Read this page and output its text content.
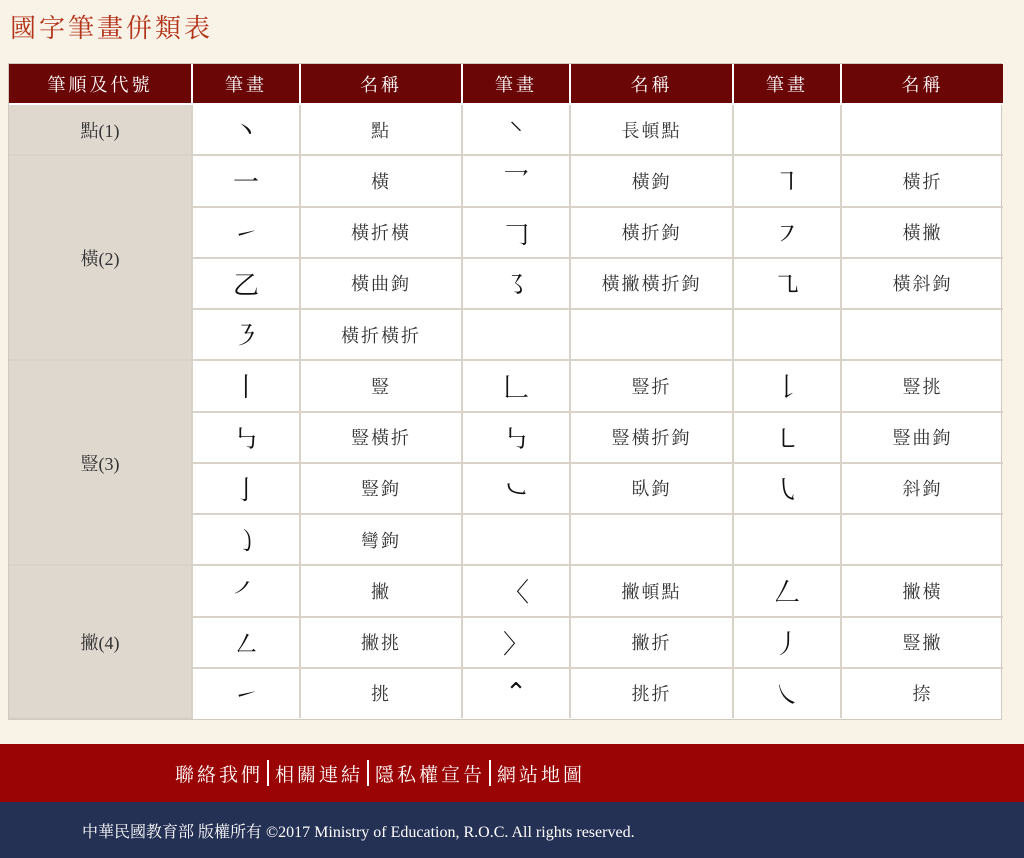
國字筆畫併類表
筆順及代號	筆畫	名稱	筆畫	名稱	筆畫	名稱
點(1)	丶	點	⸌	長頓點		
橫(2)	一	橫	乛	橫鉤	㇕	橫折
	㇀	橫折橫	𠃌	橫折鉤	㇇	橫撇
	乙	橫曲鉤	㇌	橫撇橫折鉤	㇈	橫斜鉤
	㇋	橫折橫折				
豎(3)	丨	豎	𠃊	豎折	𠄌	豎挑
	㇉	豎橫折	㇉	豎橫折鉤	㇄	豎曲鉤
	亅	豎鉤	㇃	臥鉤	㇂	斜鉤
	㇁	彎鉤				
撇(4)	㇒	撇	〈	撇頓點	𠃋	撇橫
	㇜	撇挑	〉	撇折	丿	豎撇
	㇀	挑	⌃	挑折	㇏	捺
聯絡我們 相關連結 隱私權宣告 網站地圖
中華民國教育部 版權所有 ©2017 Ministry of Education, R.O.C. All rights reserved.
